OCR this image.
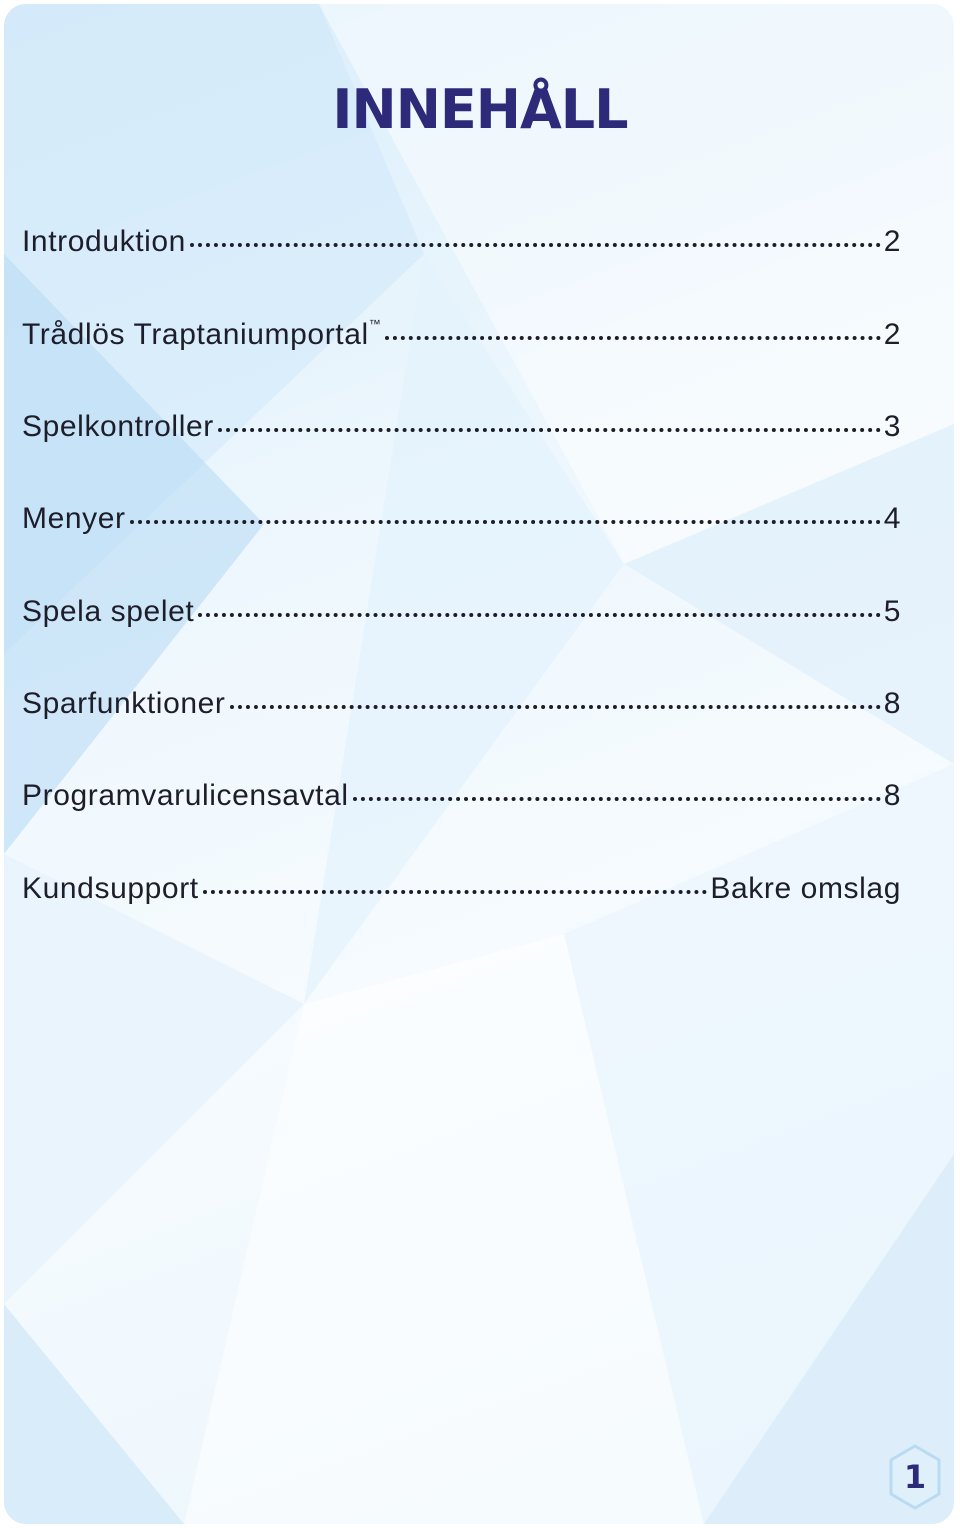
INNEHÅLL
Introduktion	2
Trådlös Traptaniumportal™	2
Spelkontroller	3
Menyer	4
Spela spelet	5
Sparfunktioner	8
Programvarulicensavtal	8
Kundsupport	Bakre omslag
1
